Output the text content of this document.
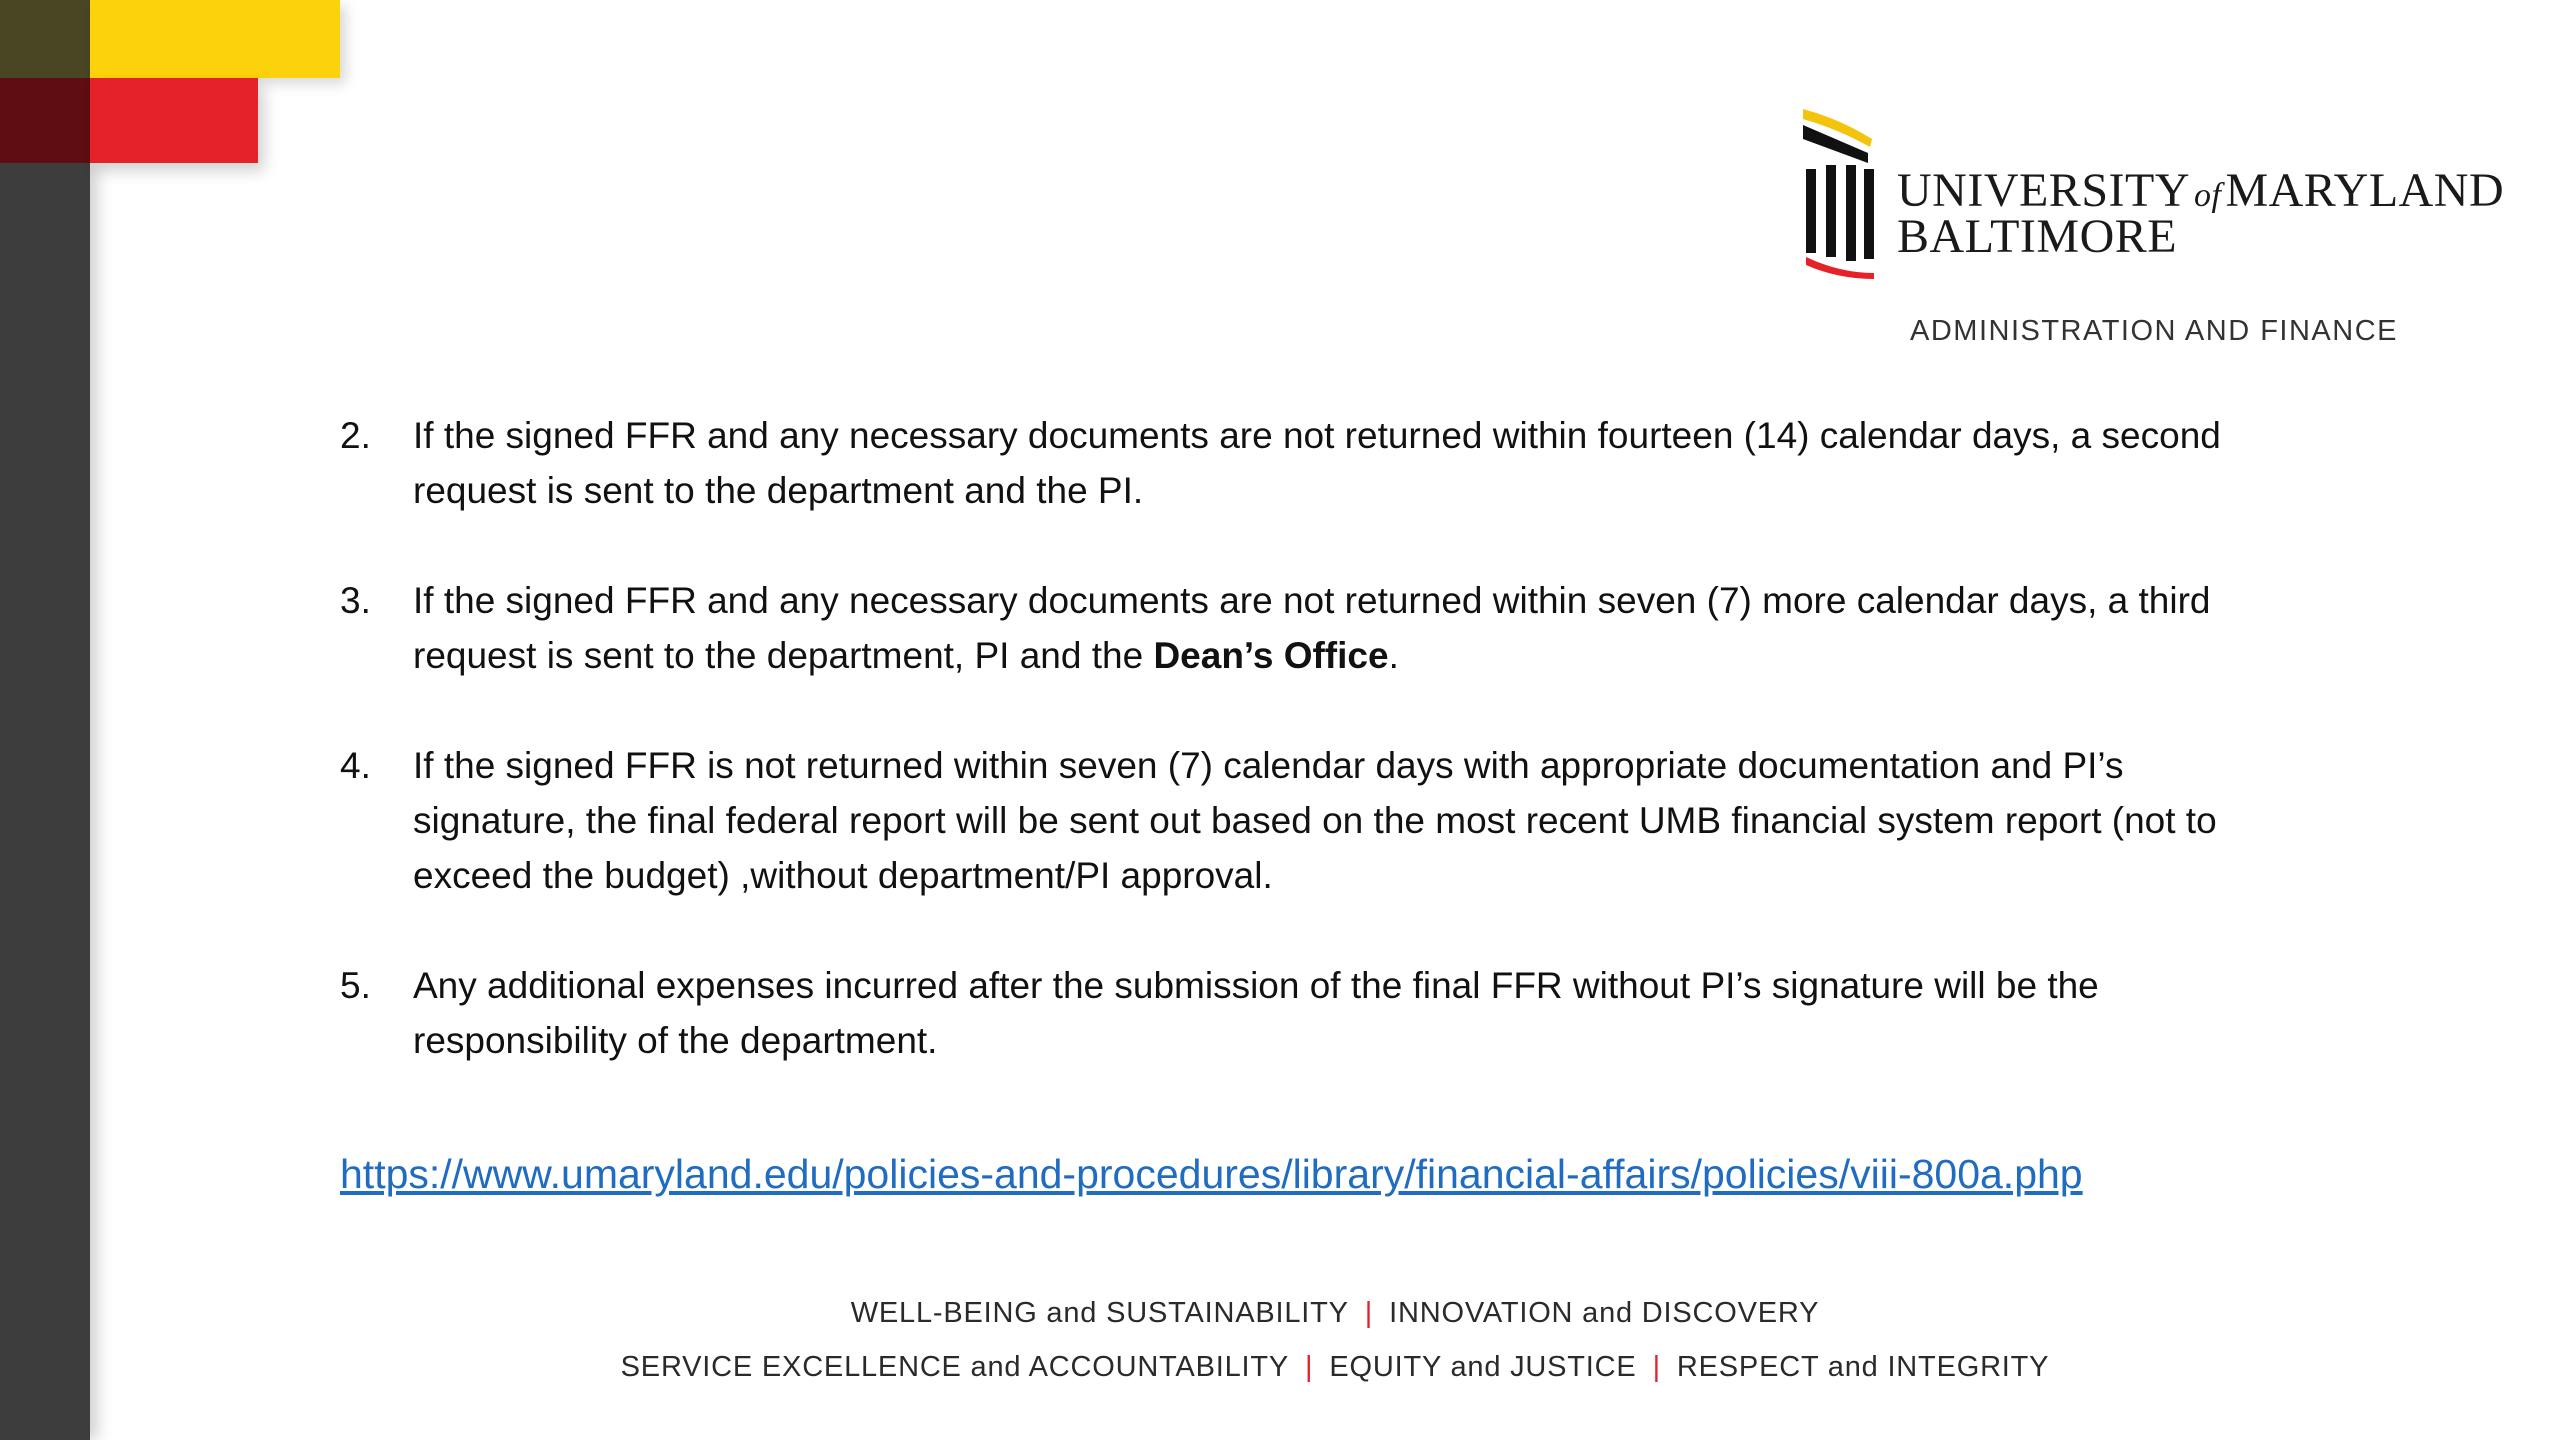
UNIVERSITY ofMARYLAND
BALTIMORE
ADMINISTRATION AND FINANCE
2. If the signed FFR and any necessary documents are not returned within fourteen (14) calendar days, a second request is sent to the department and the PI.
3. If the signed FFR and any necessary documents are not returned within seven (7) more calendar days, a third request is sent to the department, PI and the Dean’s Office.
4. If the signed FFR is not returned within seven (7) calendar days with appropriate documentation and PI’s signature, the final federal report will be sent out based on the most recent UMB financial system report (not to exceed the budget) ,without department/PI approval.
5. Any additional expenses incurred after the submission of the final FFR without PI’s signature will be the responsibility of the department.
https://www.umaryland.edu/policies-and-procedures/library/financial-affairs/policies/viii-800a.php
WELL-BEING and SUSTAINABILITY | INNOVATION and DISCOVERY
SERVICE EXCELLENCE and ACCOUNTABILITY | EQUITY and JUSTICE | RESPECT and INTEGRITY
